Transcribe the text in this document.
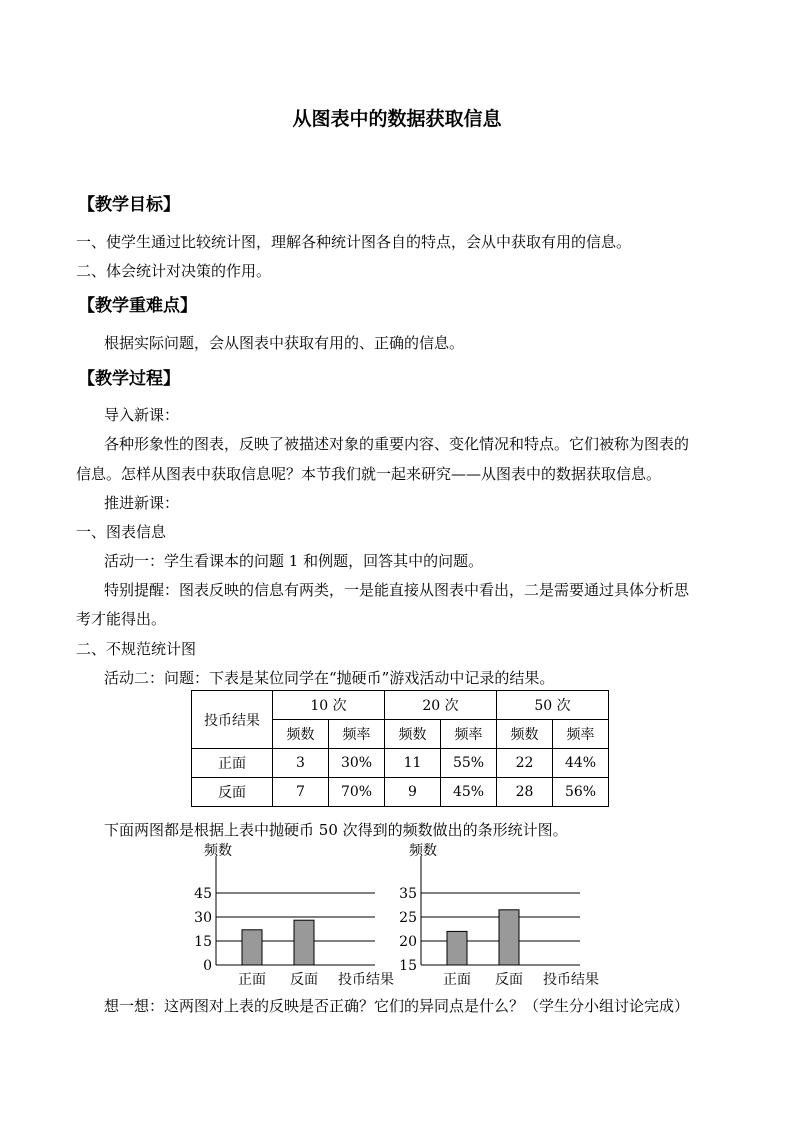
从图表中的数据获取信息
【教学目标】
一、使学生通过比较统计图，理解各种统计图各自的特点，会从中获取有用的信息。
二、体会统计对决策的作用。
【教学重难点】
根据实际问题，会从图表中获取有用的、正确的信息。
【教学过程】
导入新课：
各种形象性的图表，反映了被描述对象的重要内容、变化情况和特点。它们被称为图表的
信息。怎样从图表中获取信息呢？本节我们就一起来研究——从图表中的数据获取信息。
推进新课：
一、图表信息
活动一：学生看课本的问题 1 和例题，回答其中的问题。
特别提醒：图表反映的信息有两类，一是能直接从图表中看出，二是需要通过具体分析思
考才能得出。
二、不规范统计图
活动二：问题：下表是某位同学在“抛硬币”游戏活动中记录的结果。
投币结果	10 次		20 次		50 次	
	频数	频率	频数	频率	频数	频率
正面	3	30%	11	55%	22	44%
反面	7	70%	9	45%	28	56%
下面两图都是根据上表中抛硬币 50 次得到的频数做出的条形统计图。
频数
0
15
30
45
正面 反面 投币结果
频数
15
20
25
35
正面 反面 投币结果
想一想：这两图对上表的反映是否正确？它们的异同点是什么？（学生分小组讨论完成）
